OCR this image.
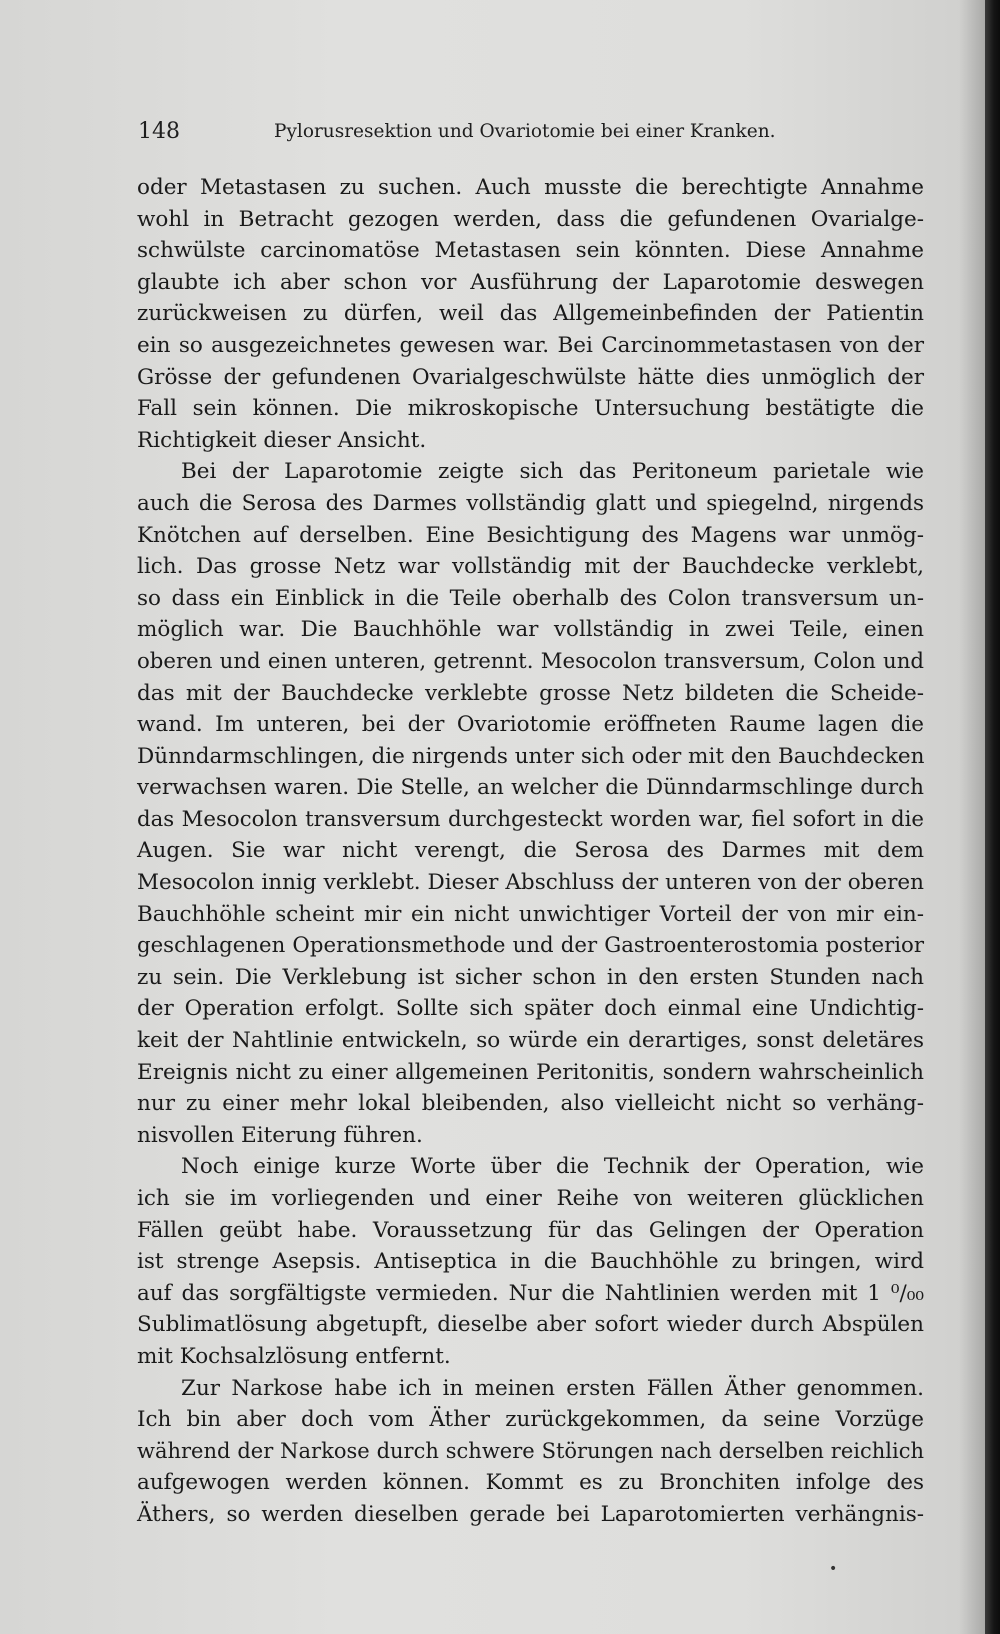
148	Pylorusresektion und Ovariotomie bei einer Kranken.
oder Metastasen zu suchen. Auch musste die berechtigte Annahme
wohl in Betracht gezogen werden, dass die gefundenen Ovarialge-
schwülste carcinomatöse Metastasen sein könnten. Diese Annahme
glaubte ich aber schon vor Ausführung der Laparotomie deswegen
zurückweisen zu dürfen, weil das Allgemeinbefinden der Patientin
ein so ausgezeichnetes gewesen war. Bei Carcinommetastasen von der
Grösse der gefundenen Ovarialgeschwülste hätte dies unmöglich der
Fall sein können. Die mikroskopische Untersuchung bestätigte die
Richtigkeit dieser Ansicht.
Bei der Laparotomie zeigte sich das Peritoneum parietale wie
auch die Serosa des Darmes vollständig glatt und spiegelnd, nirgends
Knötchen auf derselben. Eine Besichtigung des Magens war unmög-
lich. Das grosse Netz war vollständig mit der Bauchdecke verklebt,
so dass ein Einblick in die Teile oberhalb des Colon transversum un-
möglich war. Die Bauchhöhle war vollständig in zwei Teile, einen
oberen und einen unteren, getrennt. Mesocolon transversum, Colon und
das mit der Bauchdecke verklebte grosse Netz bildeten die Scheide-
wand. Im unteren, bei der Ovariotomie eröffneten Raume lagen die
Dünndarmschlingen, die nirgends unter sich oder mit den Bauchdecken
verwachsen waren. Die Stelle, an welcher die Dünndarmschlinge durch
das Mesocolon transversum durchgesteckt worden war, fiel sofort in die
Augen. Sie war nicht verengt, die Serosa des Darmes mit dem
Mesocolon innig verklebt. Dieser Abschluss der unteren von der oberen
Bauchhöhle scheint mir ein nicht unwichtiger Vorteil der von mir ein-
geschlagenen Operationsmethode und der Gastroenterostomia posterior
zu sein. Die Verklebung ist sicher schon in den ersten Stunden nach
der Operation erfolgt. Sollte sich später doch einmal eine Undichtig-
keit der Nahtlinie entwickeln, so würde ein derartiges, sonst deletäres
Ereignis nicht zu einer allgemeinen Peritonitis, sondern wahrscheinlich
nur zu einer mehr lokal bleibenden, also vielleicht nicht so verhäng-
nisvollen Eiterung führen.
Noch einige kurze Worte über die Technik der Operation, wie
ich sie im vorliegenden und einer Reihe von weiteren glücklichen
Fällen geübt habe. Voraussetzung für das Gelingen der Operation
ist strenge Asepsis. Antiseptica in die Bauchhöhle zu bringen, wird
auf das sorgfältigste vermieden. Nur die Nahtlinien werden mit 1 ⁰/₀₀
Sublimatlösung abgetupft, dieselbe aber sofort wieder durch Abspülen
mit Kochsalzlösung entfernt.
Zur Narkose habe ich in meinen ersten Fällen Äther genommen.
Ich bin aber doch vom Äther zurückgekommen, da seine Vorzüge
während der Narkose durch schwere Störungen nach derselben reichlich
aufgewogen werden können. Kommt es zu Bronchiten infolge des
Äthers, so werden dieselben gerade bei Laparotomierten verhängnis-
•
